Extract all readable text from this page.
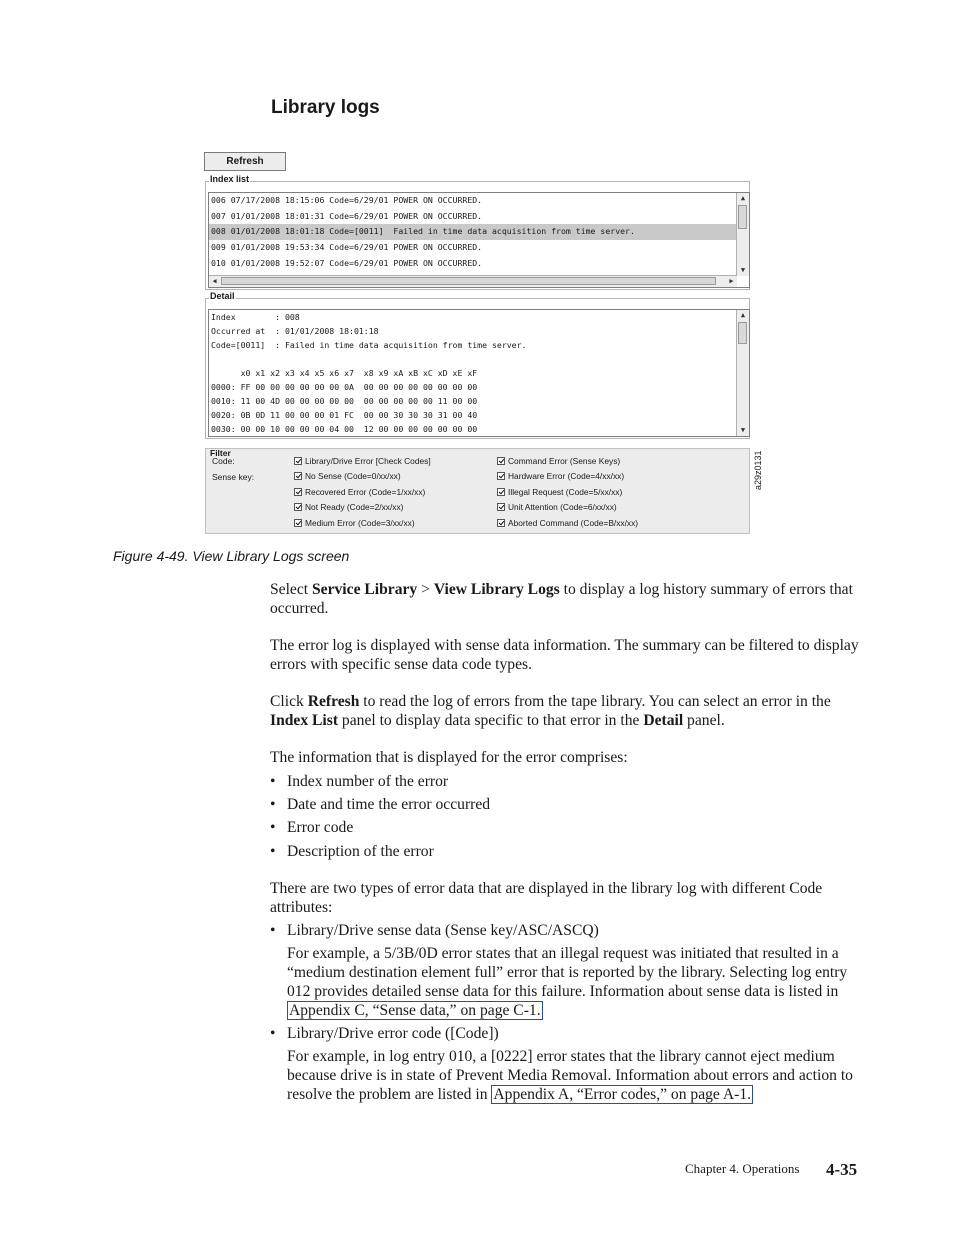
Library logs
Refresh
Index list
006 07/17/2008 18:15:06 Code=6/29/01 POWER ON OCCURRED.
007 01/01/2008 18:01:31 Code=6/29/01 POWER ON OCCURRED.
008 01/01/2008 18:01:18 Code=[0011]  Failed in time data acquisition from time server.
009 01/01/2008 19:53:34 Code=6/29/01 POWER ON OCCURRED.
010 01/01/2008 19:52:07 Code=6/29/01 POWER ON OCCURRED.
▲
▼
◀	▶
Detail
Index        : 008
Occurred at  : 01/01/2008 18:01:18
Code=[0011]  : Failed in time data acquisition from time server.
x0 x1 x2 x3 x4 x5 x6 x7  x8 x9 xA xB xC xD xE xF
0000: FF 00 00 00 00 00 00 0A  00 00 00 00 00 00 00 00
0010: 11 00 4D 00 00 00 00 00  00 00 00 00 00 11 00 00
0020: 0B 0D 11 00 00 00 01 FC  00 00 30 30 30 31 00 40
0030: 00 00 10 00 00 00 04 00  12 00 00 00 00 00 00 00
▲
▼
Filter
Code:
Sense key:
Library/Drive Error [Check Codes]	Command Error (Sense Keys)
No Sense (Code=0/xx/xx)
Recovered Error (Code=1/xx/xx)
Not Ready (Code=2/xx/xx)
Medium Error (Code=3/xx/xx)
Hardware Error (Code=4/xx/xx)
Illegal Request (Code=5/xx/xx)
Unit Attention (Code=6/xx/xx)
Aborted Command (Code=B/xx/xx)
a29z0131
Figure 4-49. View Library Logs screen

Select Service Library > View Library Logs to display a log history summary of errors that occurred.

The error log is displayed with sense data information. The summary can be filtered to display errors with specific sense data code types.

Click Refresh to read the log of errors from the tape library. You can select an error in the Index List panel to display data specific to that error in the Detail panel.

The information that is displayed for the error comprises:

• Index number of the error
• Date and time the error occurred
• Error code
• Description of the error

There are two types of error data that are displayed in the library log with different Code attributes:

• Library/Drive sense data (Sense key/ASC/ASCQ)

For example, a 5/3B/0D error states that an illegal request was initiated that resulted in a “medium destination element full” error that is reported by the library. Selecting log entry 012 provides detailed sense data for this failure. Information about sense data is listed in Appendix C, “Sense data,” on page C-1.

• Library/Drive error code ([Code])

For example, in log entry 010, a [0222] error states that the library cannot eject medium because drive is in state of Prevent Media Removal. Information about errors and action to resolve the problem are listed in Appendix A, “Error codes,” on page A-1.

Chapter 4. Operations 4-35
